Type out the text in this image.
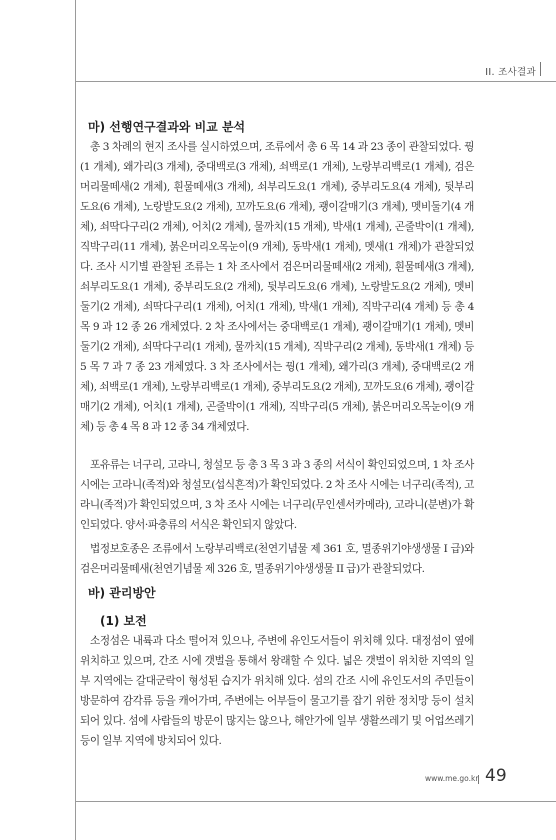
II. 조사결과
마) 선행연구결과와 비교 분석

총 3 차례의 현지 조사를 실시하였으며, 조류에서 총 6 목 14 과 23 종이 관찰되었다. 꿩(1 개체), 왜가리(3 개체), 중대백로(3 개체), 쇠백로(1 개체), 노랑부리백로(1 개체), 검은머리물떼새(2 개체), 흰물떼새(3 개체), 쇠부리도요(1 개체), 중부리도요(4 개체), 뒷부리도요(6 개체), 노랑발도요(2 개체), 꼬까도요(6 개체), 괭이갈매기(3 개체), 멧비둘기(4 개체), 쇠딱다구리(2 개체), 어치(2 개체), 물까치(15 개체), 박새(1 개체), 곤줄박이(1 개체), 직박구리(11 개체), 붉은머리오목눈이(9 개체), 동박새(1 개체), 멧새(1 개체)가 관찰되었다. 조사 시기별 관찰된 조류는 1 차 조사에서 검은머리물떼새(2 개체), 흰물떼새(3 개체), 쇠부리도요(1 개체), 중부리도요(2 개체), 뒷부리도요(6 개체), 노랑발도요(2 개체), 멧비둘기(2 개체), 쇠딱다구리(1 개체), 어치(1 개체), 박새(1 개체), 직박구리(4 개체) 등 총 4 목 9 과 12 종 26 개체였다. 2 차 조사에서는 중대백로(1 개체), 괭이갈매기(1 개체), 멧비둘기(2 개체), 쇠딱다구리(1 개체), 물까치(15 개체), 직박구리(2 개체), 동박새(1 개체) 등 5 목 7 과 7 종 23 개체였다. 3 차 조사에서는 꿩(1 개체), 왜가리(3 개체), 중대백로(2 개체), 쇠백로(1 개체), 노랑부리백로(1 개체), 중부리도요(2 개체), 꼬까도요(6 개체), 괭이갈매기(2 개체), 어치(1 개체), 곤줄박이(1 개체), 직박구리(5 개체), 붉은머리오목눈이(9 개체) 등 총 4 목 8 과 12 종 34 개체였다.

포유류는 너구리, 고라니, 청설모 등 총 3 목 3 과 3 종의 서식이 확인되었으며, 1 차 조사 시에는 고라니(족적)와 청설모(섭식흔적)가 확인되었다. 2 차 조사 시에는 너구리(족적), 고라니(족적)가 확인되었으며, 3 차 조사 시에는 너구리(무인센서카메라), 고라니(분변)가 확인되었다. 양서·파충류의 서식은 확인되지 않았다.

법정보호종은 조류에서 노랑부리백로(천연기념물 제 361 호, 멸종위기야생생물 I 급)와 검은머리물떼새(천연기념물 제 326 호, 멸종위기야생생물 II 급)가 관찰되었다.

바) 관리방안
(1) 보전

소정섬은 내륙과 다소 떨어져 있으나, 주변에 유인도서들이 위치해 있다. 대정섬이 옆에 위치하고 있으며, 간조 시에 갯벌을 통해서 왕래할 수 있다. 넓은 갯벌이 위치한 지역의 일부 지역에는 갈대군락이 형성된 습지가 위치해 있다. 섬의 간조 시에 유인도서의 주민들이 방문하여 감각류 등을 캐어가며, 주변에는 어부들이 물고기를 잡기 위한 정치망 등이 설치되어 있다. 섬에 사람들의 방문이 많지는 않으나, 해안가에 일부 생활쓰레기 및 어업쓰레기 등이 일부 지역에 방치되어 있다.

www.me.go.kr 49
